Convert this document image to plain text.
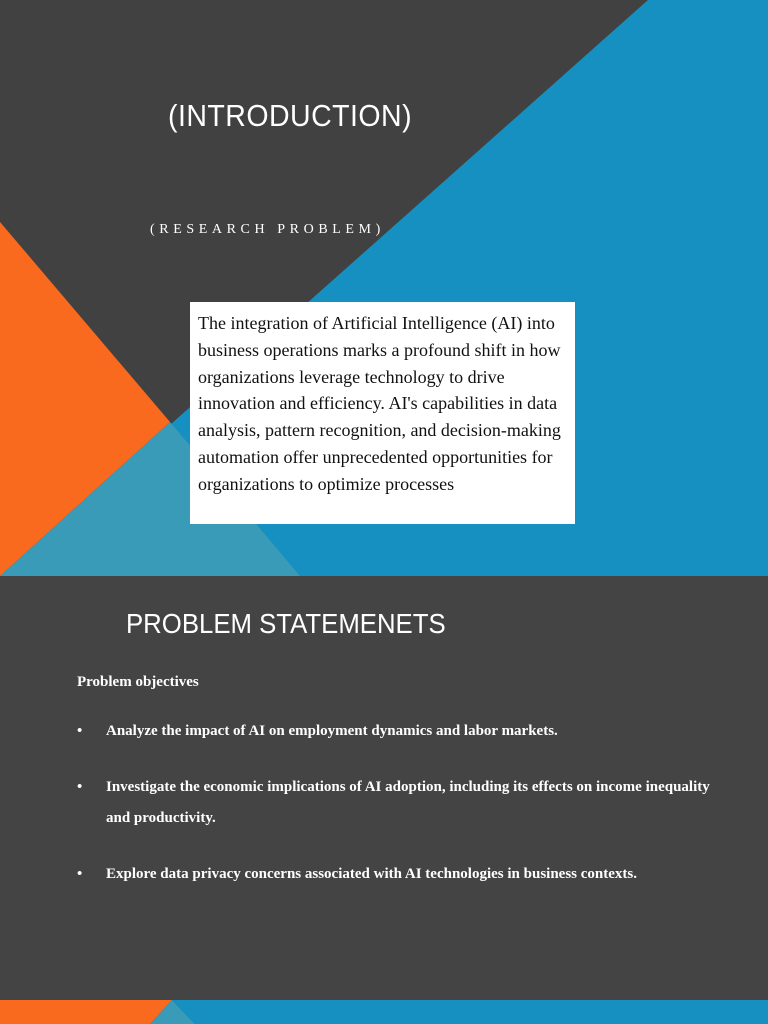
(INTRODUCTION)

(RESEARCH PROBLEM)

The integration of Artificial Intelligence (AI) into business operations marks a profound shift in how organizations leverage technology to drive innovation and efficiency. AI's capabilities in data analysis, pattern recognition, and decision-making automation offer unprecedented opportunities for organizations to optimize processes

PROBLEM STATEMENETS

Problem objectives

• Analyze the impact of AI on employment dynamics and labor markets.
• Investigate the economic implications of AI adoption, including its effects on income inequality and productivity.
• Explore data privacy concerns associated with AI technologies in business contexts.
